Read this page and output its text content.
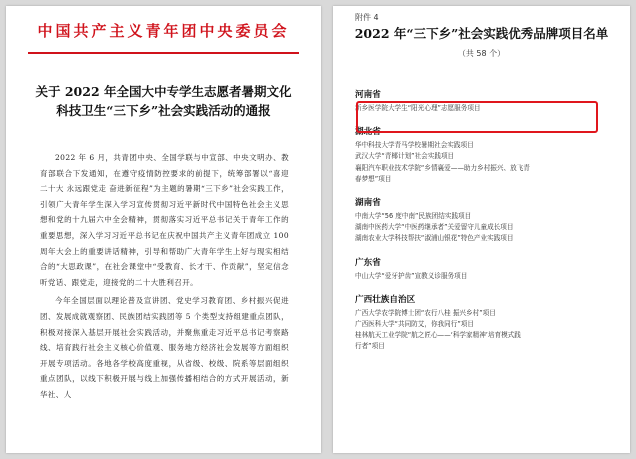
中国共产主义青年团中央委员会
关于 2022 年全国大中专学生志愿者暑期文化
科技卫生“三下乡”社会实践活动的通报

2022 年 6 月，共青团中央、全国学联与中宣部、中央文明办、教育部联合下发通知，在遵守疫情防控要求的前提下，统筹部署以“喜迎二十大 永远跟党走 奋进新征程”为主题的暑期“三下乡”社会实践工作，引领广大青年学生深入学习宣传贯彻习近平新时代中国特色社会主义思想和党的十九届六中全会精神，贯彻落实习近平总书记关于青年工作的重要思想，深入学习习近平总书记在庆祝中国共产主义青年团成立 100 周年大会上的重要讲话精神，引导和帮助广大青年学生上好与现实相结合的“大思政课”，在社会课堂中“受教育、长才干、作贡献”，坚定信念听党话、跟党走，迎接党的二十大胜利召开。

今年全国层面以理论普及宣讲团、党史学习教育团、乡村振兴促进团、发展成就观察团、民族团结实践团等 5 个类型支持组建重点团队，积极对接深入基层开展社会实践活动，并聚焦重走习近平总书记考察路线、培育践行社会主义核心价值观、服务地方经济社会发展等方面组织开展专项活动。各地各学校高度重视，从省级、校级、院系等层面组织重点团队，以线下积极开展与线上加强传播相结合的方式开展活动，新华社、人

附件 4
2022 年“三下乡”社会实践优秀品牌项目名单
（共 58 个）
河南省
新乡医学院大学生“阳光心理”志愿服务项目
湖北省
华中科技大学青马学校暑期社会实践项目
武汉大学“青椰计划”社会实践项目
襄阳汽车职业技术学院“乡情襄爱——助力乡村振兴、放飞青
春梦想”项目
湖南省
中南大学“56 度中南”民族团结实践项目
湖南中医药大学“中医药继承者”关爱留守儿童成长项目
湖南农业大学科技帮扶“淑浦山银花”特色产业实践项目
广东省
中山大学“爱牙护齿”宣教义诊服务项目
广西壮族自治区
广西大学农学院博士团“农行八桂 振兴乡村”项目
广西医科大学“共同防艾，你我同行”项目
桂林航天工业学院“航之匠心——‘科学家精神’培育模式践
行者”项目
